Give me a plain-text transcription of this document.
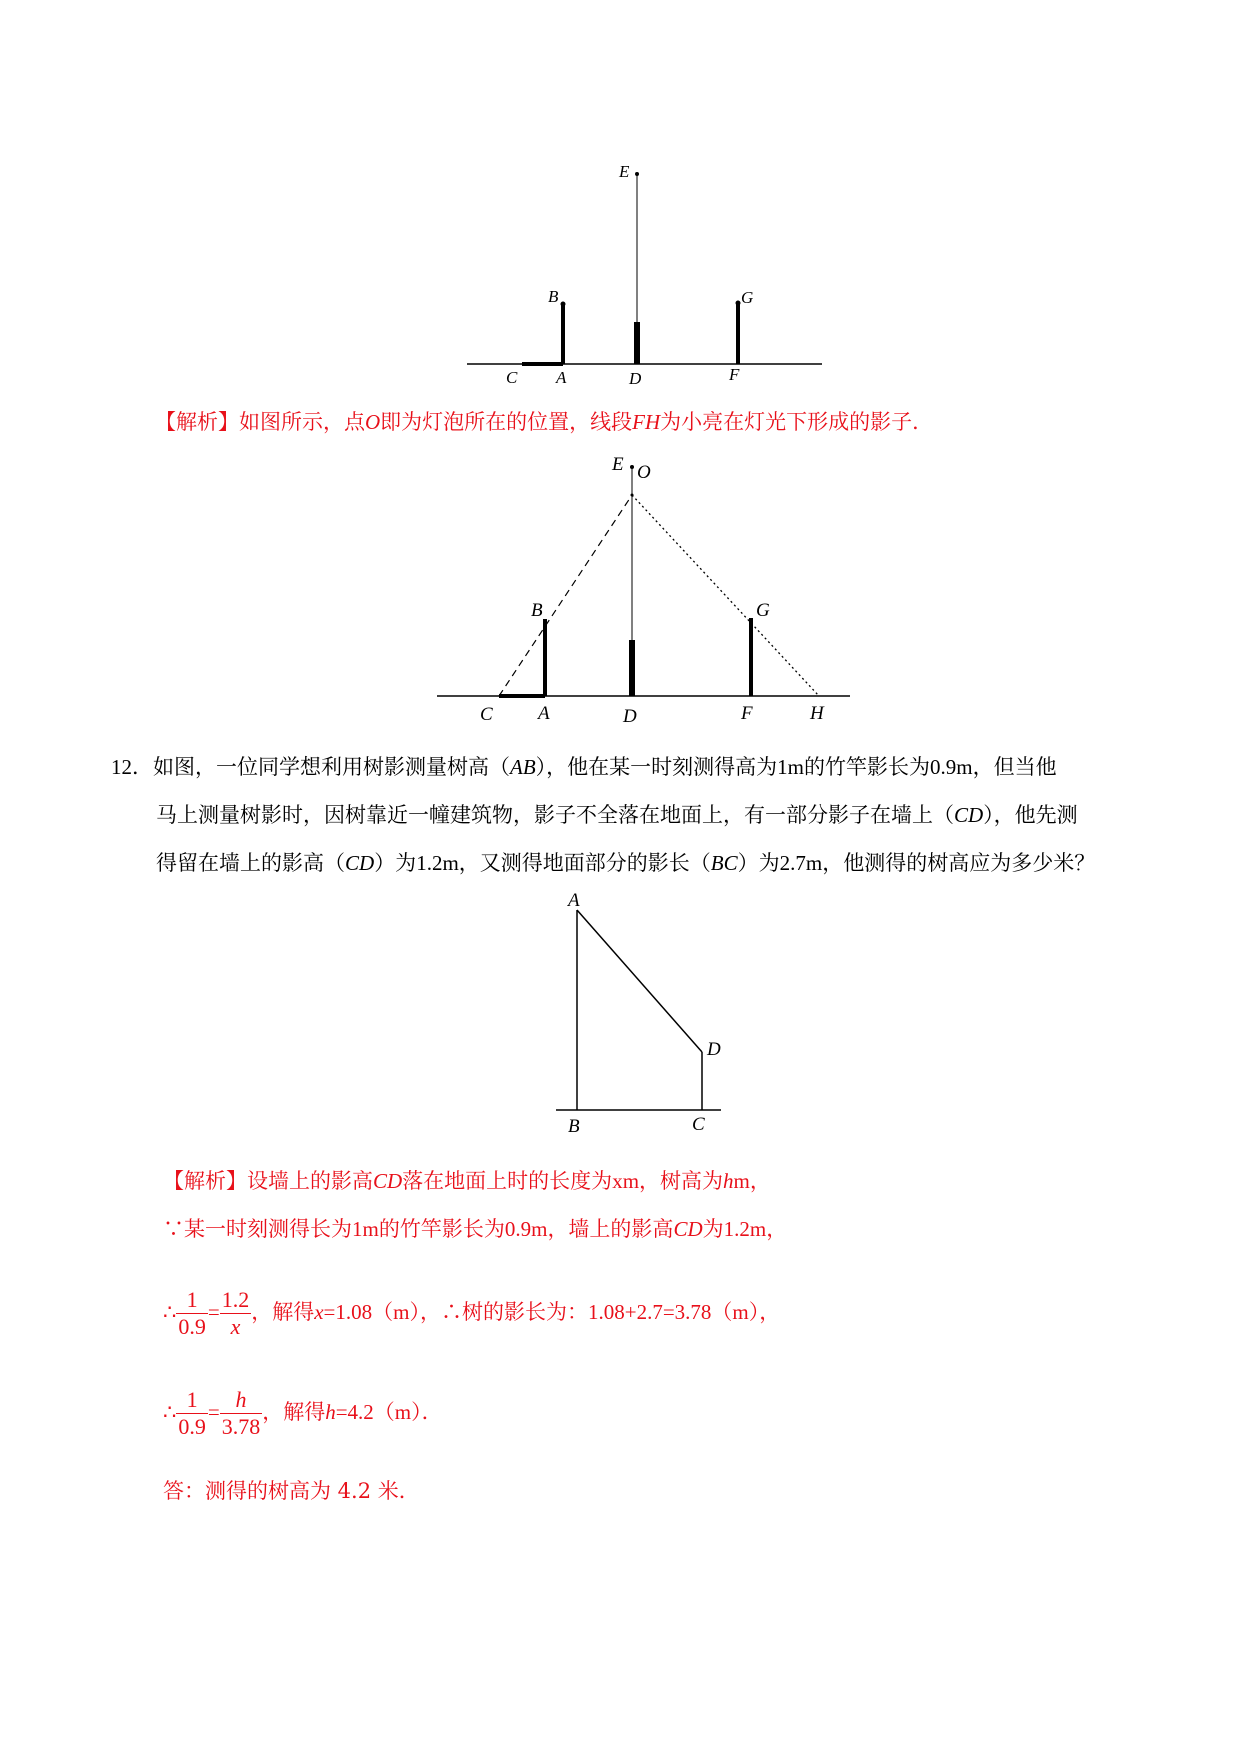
E
B	G
C A	D	F
【解析】如图所示，点O即为灯泡所在的位置，线段FH为小亮在灯光下形成的影子．
E O
B	G
C A	D	F	H
12．如图，一位同学想利用树影测量树高（AB），他在某一时刻测得高为1m的竹竿影长为0.9m，但当他
马上测量树影时，因树靠近一幢建筑物，影子不全落在地面上，有一部分影子在墙上（CD），他先测
得留在墙上的影高（CD）为1.2m，又测得地面部分的影长（BC）为2.7m，他测得的树高应为多少米？
A
D
B	C
【解析】设墙上的影高CD落在地面上时的长度为xm，树高为hm，
∵某一时刻测得长为1m的竹竿影长为0.9m，墙上的影高CD为1.2m，
∴ $\frac{1}{0.9} = \frac{1.2}{x}$ ，解得x=1.08（m），∴树的影长为：1.08+2.7=3.78（m），
∴ $\frac{1}{0.9} = \frac{h}{3.78}$ ，解得h=4.2（m）．
答：测得的树高为 4.2 米．
